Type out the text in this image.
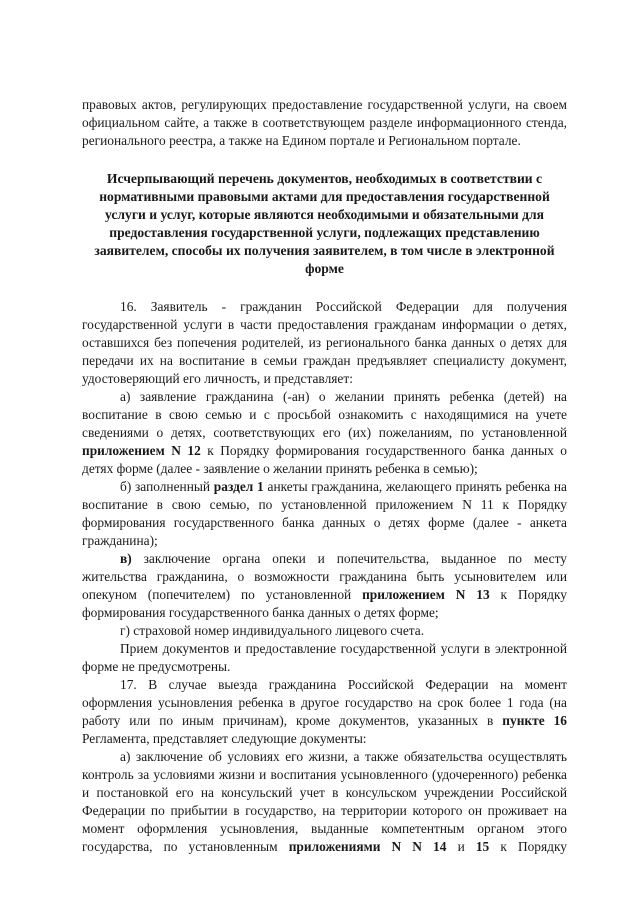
правовых актов, регулирующих предоставление государственной услуги, на своем
официальном сайте, а также в соответствующем разделе информационного стенда,
регионального реестра, а также на Едином портале и Региональном портале.
Исчерпывающий перечень документов, необходимых в соответствии с
нормативными правовыми актами для предоставления государственной
услуги и услуг, которые являются необходимыми и обязательными для
предоставления государственной услуги, подлежащих представлению
заявителем, способы их получения заявителем, в том числе в электронной
форме
16. Заявитель - гражданин Российской Федерации для получения
государственной услуги в части предоставления гражданам информации о детях,
оставшихся без попечения родителей, из регионального банка данных о детях для
передачи их на воспитание в семьи граждан предъявляет специалисту документ,
удостоверяющий его личность, и представляет:
а) заявление гражданина (-ан) о желании принять ребенка (детей) на
воспитание в свою семью и с просьбой ознакомить с находящимися на учете
сведениями о детях, соответствующих его (их) пожеланиям, по установленной
приложением N 12 к Порядку формирования государственного банка данных о
детях форме (далее - заявление о желании принять ребенка в семью);
б) заполненный раздел 1 анкеты гражданина, желающего принять ребенка на
воспитание в свою семью, по установленной приложением N 11 к Порядку
формирования государственного банка данных о детях форме (далее - анкета
гражданина);
в) заключение органа опеки и попечительства, выданное по месту
жительства гражданина, о возможности гражданина быть усыновителем или
опекуном (попечителем) по установленной приложением N 13 к Порядку
формирования государственного банка данных о детях форме;
г) страховой номер индивидуального лицевого счета.
Прием документов и предоставление государственной услуги в электронной
форме не предусмотрены.
17. В случае выезда гражданина Российской Федерации на момент
оформления усыновления ребенка в другое государство на срок более 1 года (на
работу или по иным причинам), кроме документов, указанных в пункте 16
Регламента, представляет следующие документы:
а) заключение об условиях его жизни, а также обязательства осуществлять
контроль за условиями жизни и воспитания усыновленного (удочеренного) ребенка
и постановкой его на консульский учет в консульском учреждении Российской
Федерации по прибытии в государство, на территории которого он проживает на
момент оформления усыновления, выданные компетентным органом этого
государства, по установленным приложениями N N 14 и 15 к Порядку
